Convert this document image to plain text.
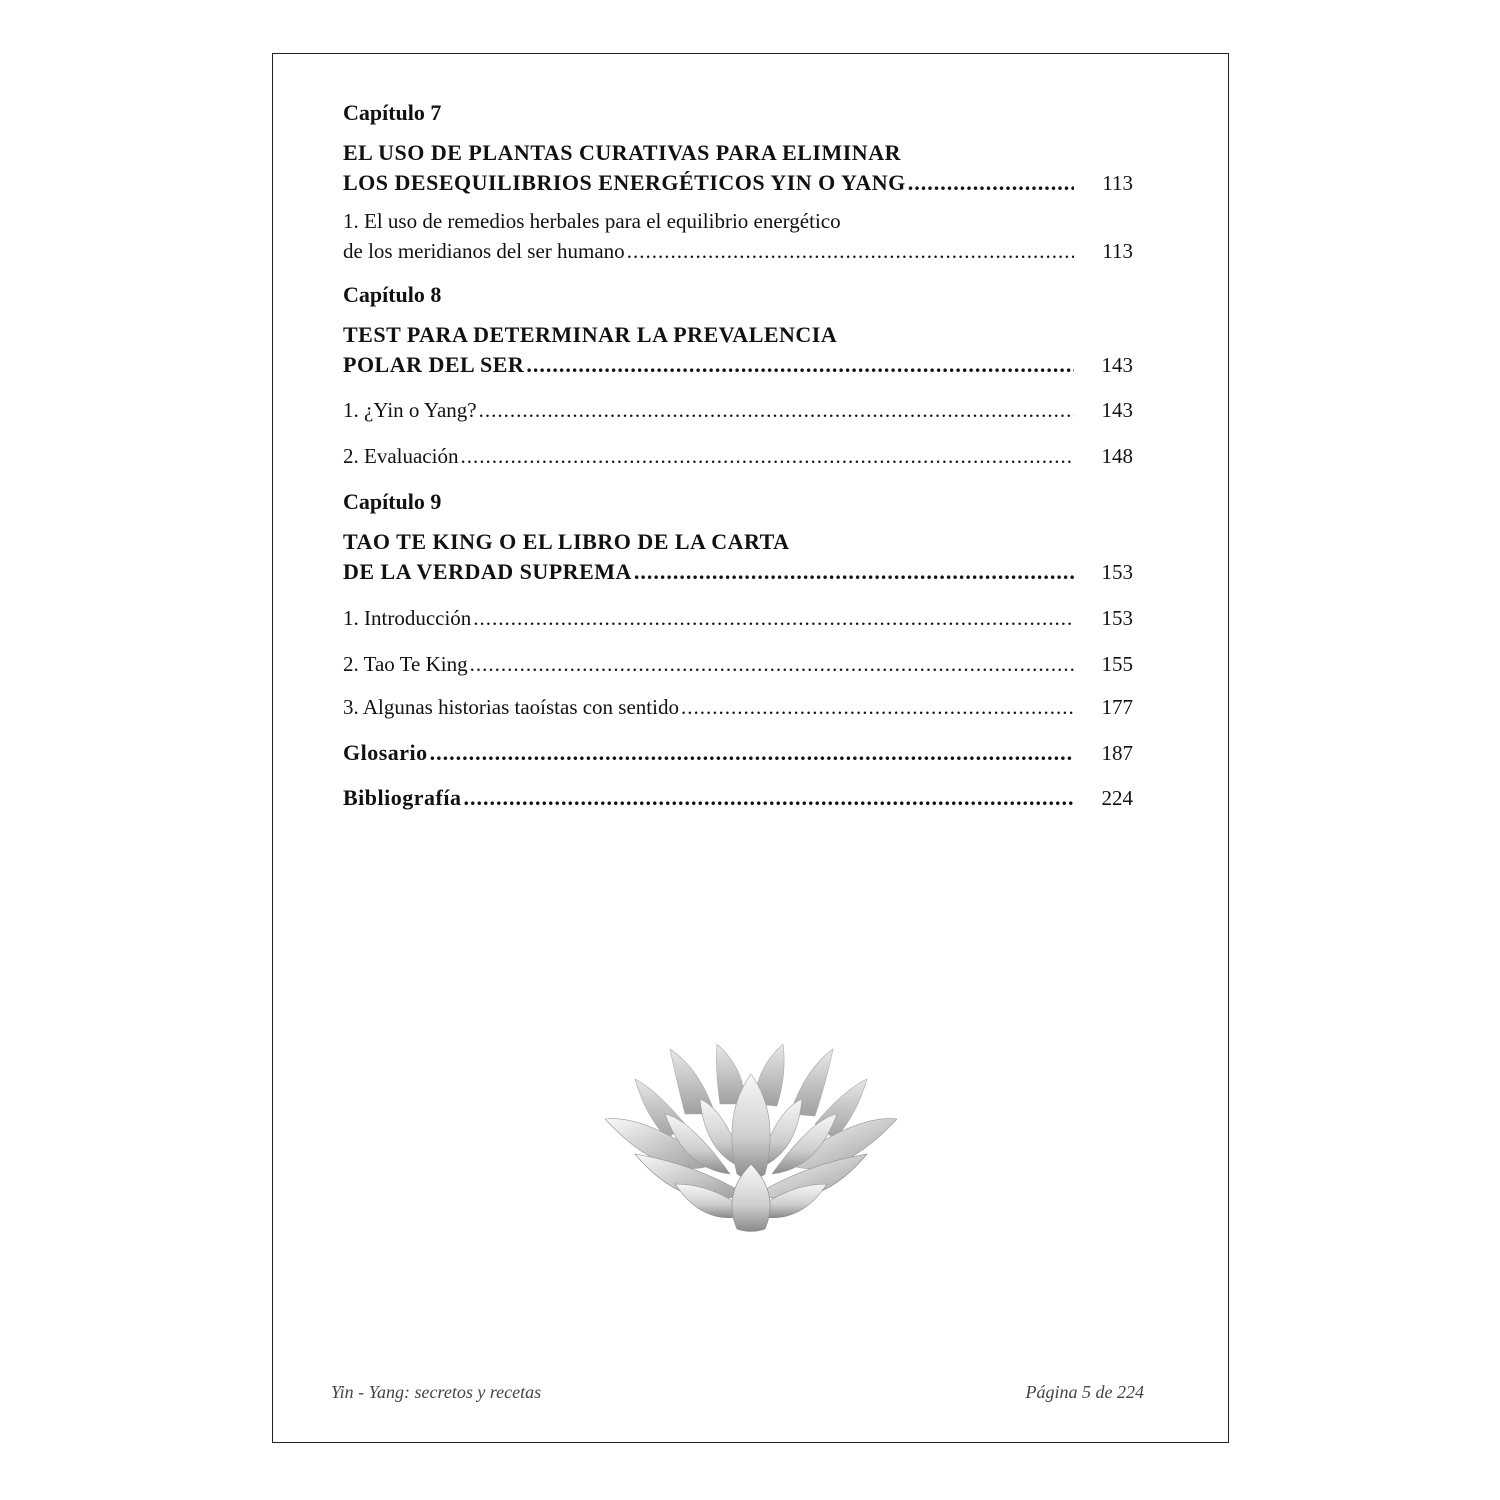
Capítulo 7
EL USO DE PLANTAS CURATIVAS PARA ELIMINAR
LOS DESEQUILIBRIOS ENERGÉTICOS YIN O YANG .....	113
1. El uso de remedios herbales para el equilibrio energético
de los meridianos del ser humano .....	113
Capítulo 8
TEST PARA DETERMINAR LA PREVALENCIA
POLAR DEL SER .....	143
1. ¿Yin o Yang? .....	143
2. Evaluación .....	148
Capítulo 9
TAO TE KING O EL LIBRO DE LA CARTA
DE LA VERDAD SUPREMA .....	153
1. Introducción .....	153
2. Tao Te King .....	155
3. Algunas historias taoístas con sentido .....	177
Glosario .....	187
Bibliografía .....	224
Yin - Yang: secretos y recetas	Página 5 de 224
